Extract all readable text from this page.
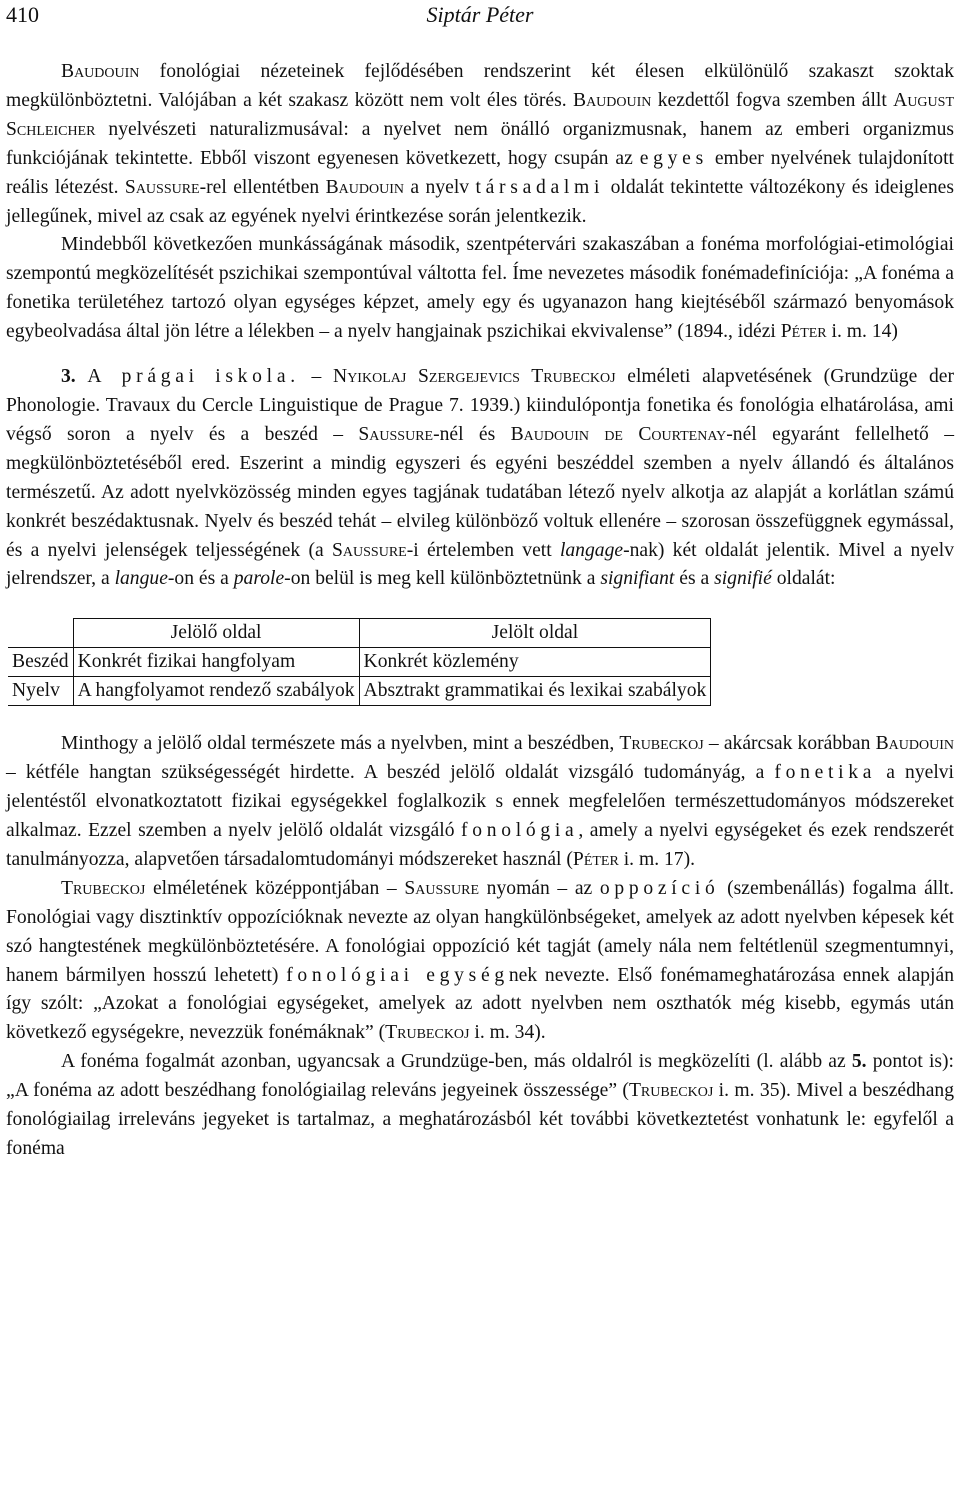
410	Siptár Péter

Baudouin fonológiai nézeteinek fejlődésében rendszerint két élesen elkülönülő szakaszt szoktak megkülönböztetni. Valójában a két szakasz között nem volt éles törés. Baudouin kezdettől fogva szemben állt August Schleicher nyelvészeti naturalizmusával: a nyelvet nem önálló organizmusnak, hanem az emberi organizmus funkciójának tekintette. Ebből viszont egyenesen következett, hogy csupán az egyes ember nyelvének tulajdonított reális létezést. Saussure-rel ellentétben Baudouin a nyelv társadalmi oldalát tekintette változékony és ideiglenes jellegűnek, mivel az csak az egyének nyelvi érintkezése során jelentkezik.

Mindebből következően munkásságának második, szentpétervári szakaszában a fonéma morfológiai-etimológiai szempontú megközelítését pszichikai szempontúval váltotta fel. Íme nevezetes második fonémadefiníciója: „A fonéma a fonetika területéhez tartozó olyan egységes képzet, amely egy és ugyanazon hang kiejtéséből származó benyomások egybeolvadása által jön létre a lélekben – a nyelv hangjainak pszichikai ekvivalense” (1894., idézi Péter i. m. 14)

3. A prágai iskola. – Nyikolaj Szergejevics Trubeckoj elméleti alapvetésének (Grundzüge der Phonologie. Travaux du Cercle Linguistique de Prague 7. 1939.) kiindulópontja fonetika és fonológia elhatárolása, ami végső soron a nyelv és a beszéd – Saussure-nél és Baudouin de Courtenay-nél egyaránt fellelhető – megkülönböztetéséből ered. Eszerint a mindig egyszeri és egyéni beszéddel szemben a nyelv állandó és általános természetű. Az adott nyelvközösség minden egyes tagjának tudatában létező nyelv alkotja az alapját a korlátlan számú konkrét beszédaktusnak. Nyelv és beszéd tehát – elvileg különböző voltuk ellenére – szorosan összefüggnek egymással, és a nyelvi jelenségek teljességének (a Saussure-i értelemben vett langage-nak) két oldalát jelentik. Mivel a nyelv jelrendszer, a langue-on és a parole-on belül is meg kell különböztetnünk a signifiant és a signifié oldalát:

	Jelölő oldal	Jelölt oldal
Beszéd	Konkrét fizikai hangfolyam	Konkrét közlemény
Nyelv	A hangfolyamot rendező szabályok	Absztrakt grammatikai és lexikai szabályok

Minthogy a jelölő oldal természete más a nyelvben, mint a beszédben, Trubeckoj – akárcsak korábban Baudouin – kétféle hangtan szükségességét hirdette. A beszéd jelölő oldalát vizsgáló tudományág, a fonetika a nyelvi jelentéstől elvonatkoztatott fizikai egységekkel foglalkozik s ennek megfelelően természettudományos módszereket alkalmaz. Ezzel szemben a nyelv jelölő oldalát vizsgáló fonológia, amely a nyelvi egységeket és ezek rendszerét tanulmányozza, alapvetően társadalomtudományi módszereket használ (Péter i. m. 17).

Trubeckoj elméletének középpontjában – Saussure nyomán – az oppozíció (szembenállás) fogalma állt. Fonológiai vagy disztinktív oppozícióknak nevezte az olyan hangkülönbségeket, amelyek az adott nyelvben képesek két szó hangtestének megkülönböztetésére. A fonológiai oppozíció két tagját (amely nála nem feltétlenül szegmentumnyi, hanem bármilyen hosszú lehetett) fonológiai egységnek nevezte. Első fonémameghatározása ennek alapján így szólt: „Azokat a fonológiai egységeket, amelyek az adott nyelvben nem oszthatók még kisebb, egymás után következő egységekre, nevezzük fonémáknak” (Trubeckoj i. m. 34).

A fonéma fogalmát azonban, ugyancsak a Grundzüge-ben, más oldalról is megközelíti (l. alább az 5. pontot is): „A fonéma az adott beszédhang fonológiailag releváns jegyeinek összessége” (Trubeckoj i. m. 35). Mivel a beszédhang fonológiailag irreleváns jegyeket is tartalmaz, a meghatározásból két további következtetést vonhatunk le: egyfelől a fonéma
